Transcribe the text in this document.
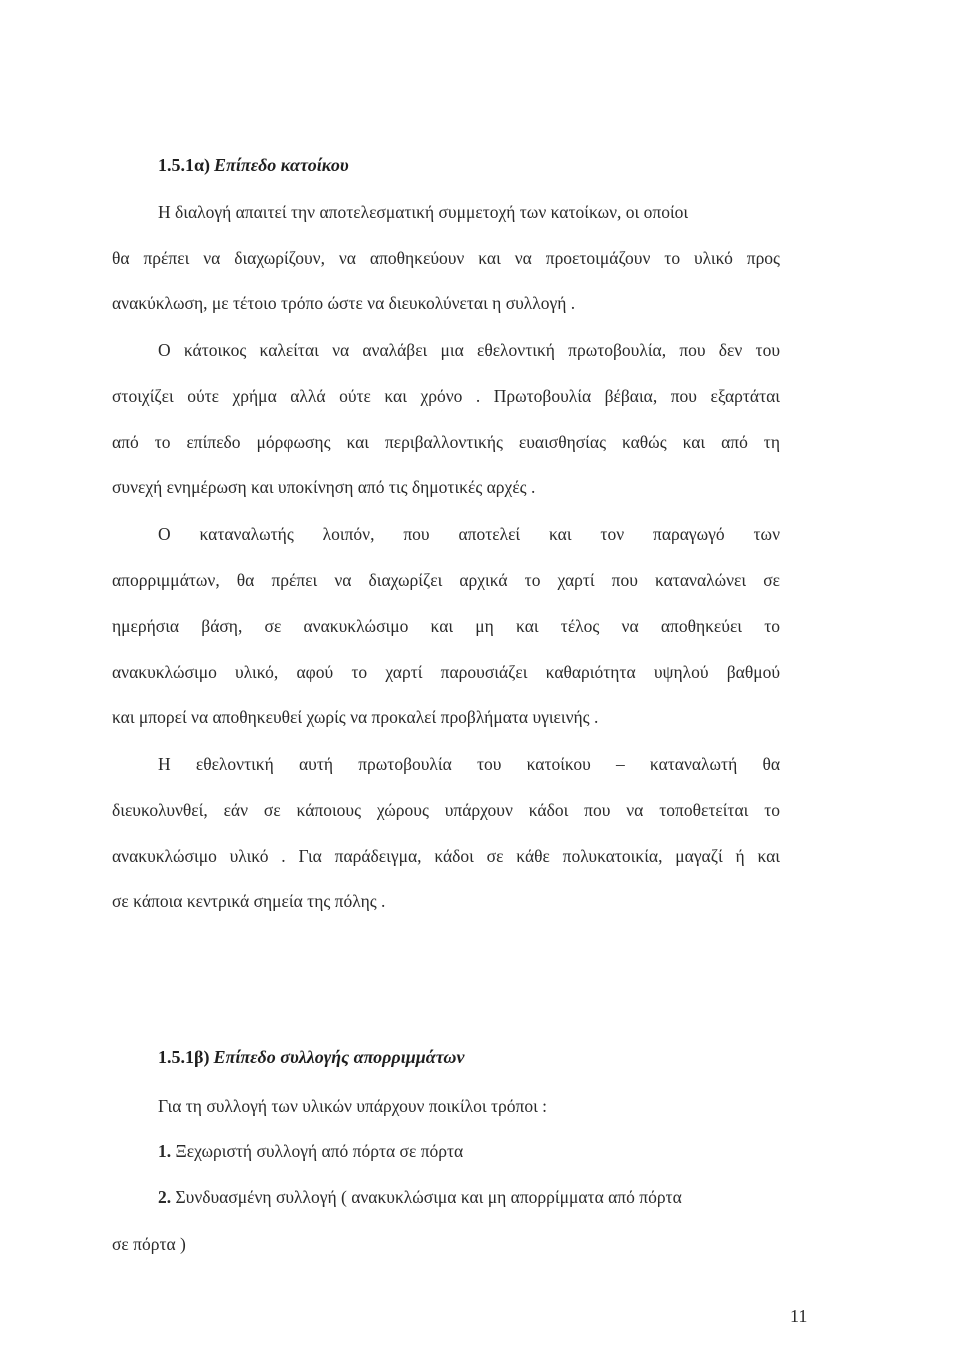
1.5.1α) Επίπεδο κατοίκου
Η διαλογή απαιτεί την αποτελεσματική συμμετοχή των κατοίκων, οι οποίοι
θα πρέπει να διαχωρίζουν, να αποθηκεύουν και να προετοιμάζουν το υλικό προς
ανακύκλωση, με τέτοιο τρόπο ώστε να διευκολύνεται η συλλογή .
Ο κάτοικος καλείται να αναλάβει μια εθελοντική πρωτοβουλία, που δεν του
στοιχίζει ούτε χρήμα αλλά ούτε και χρόνο . Πρωτοβουλία βέβαια, που εξαρτάται
από το επίπεδο μόρφωσης και περιβαλλοντικής ευαισθησίας καθώς και από τη
συνεχή ενημέρωση και υποκίνηση από τις δημοτικές αρχές .
Ο καταναλωτής λοιπόν, που αποτελεί και τον παραγωγό των
απορριμμάτων, θα πρέπει να διαχωρίζει αρχικά το χαρτί που καταναλώνει σε
ημερήσια βάση, σε ανακυκλώσιμο και μη και τέλος να αποθηκεύει το
ανακυκλώσιμο υλικό, αφού το χαρτί παρουσιάζει καθαριότητα υψηλού βαθμού
και μπορεί να αποθηκευθεί χωρίς να προκαλεί προβλήματα υγιεινής .
Η εθελοντική αυτή πρωτοβουλία του κατοίκου – καταναλωτή θα
διευκολυνθεί, εάν σε κάποιους χώρους υπάρχουν κάδοι που να τοποθετείται το
ανακυκλώσιμο υλικό . Για παράδειγμα, κάδοι σε κάθε πολυκατοικία, μαγαζί ή και
σε κάποια κεντρικά σημεία της πόλης .
1.5.1β) Επίπεδο συλλογής απορριμμάτων
Για τη συλλογή των υλικών υπάρχουν ποικίλοι τρόποι :
1. Ξεχωριστή συλλογή από πόρτα σε πόρτα
2. Συνδυασμένη συλλογή ( ανακυκλώσιμα και μη απορρίμματα από πόρτα
σε πόρτα )
11
